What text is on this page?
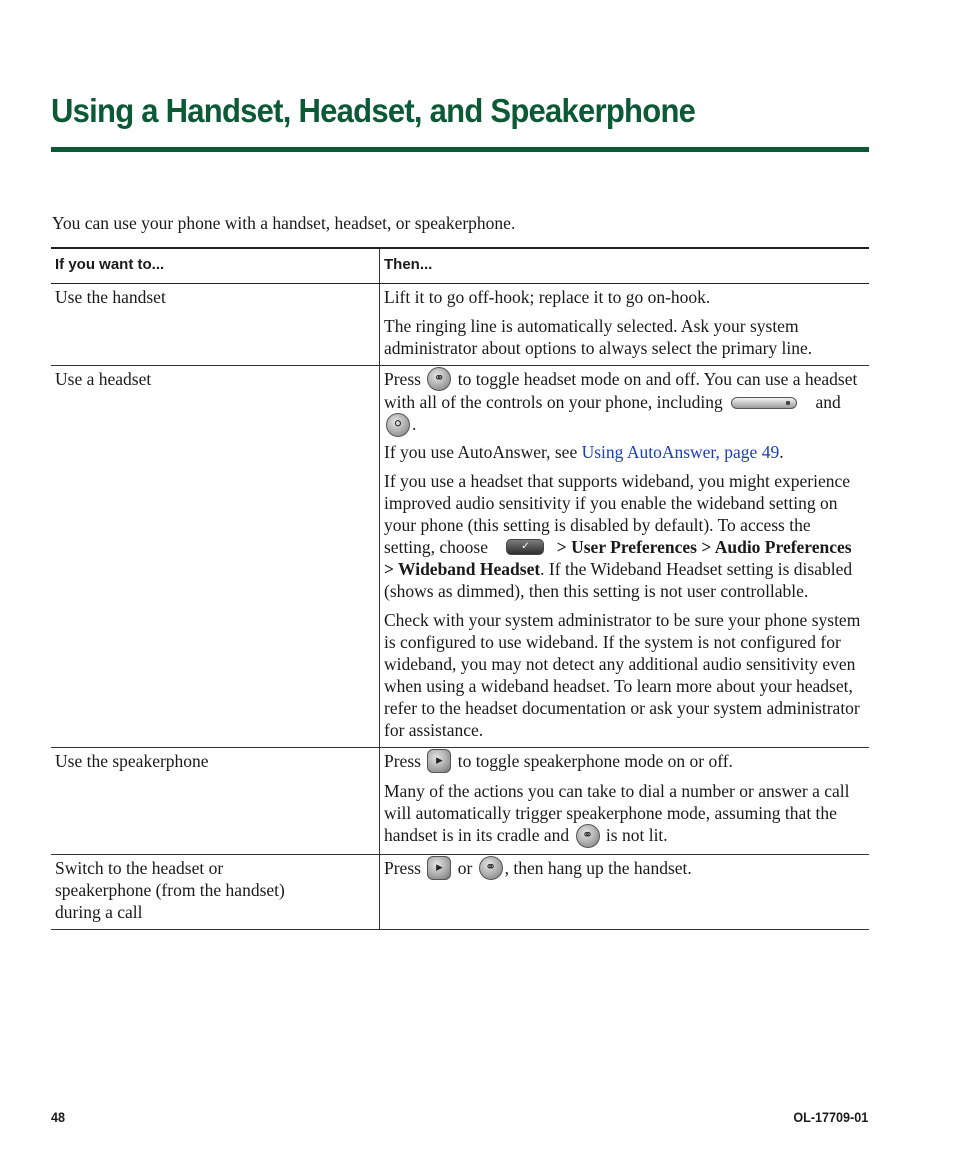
Using a Handset, Headset, and Speakerphone

You can use your phone with a handset, headset, or speakerphone.

If you want to...	Then...
Use the handset	Lift it to go off-hook; replace it to go on-hook.

The ringing line is automatically selected. Ask your system administrator about options to always select the primary line.

Use a headset	Press ⚭ to toggle headset mode on and off. You can use a headset with all of the controls on your phone, including and
⚪ .

If you use AutoAnswer, see Using AutoAnswer, page 49.

If you use a headset that supports wideband, you might experience improved audio sensitivity if you enable the wideband setting on your phone (this setting is disabled by default). To access the setting, choose ✓ > User Preferences > Audio Preferences > Wideband Headset. If the Wideband Headset setting is disabled (shows as dimmed), then this setting is not user controllable.

Check with your system administrator to be sure your phone system is configured to use wideband. If the system is not configured for wideband, you may not detect any additional audio sensitivity even when using a wideband headset. To learn more about your headset, refer to the headset documentation or ask your system administrator for assistance.

Use the speakerphone	Press ▸ to toggle speakerphone mode on or off.

Many of the actions you can take to dial a number or answer a call will automatically trigger speakerphone mode, assuming that the handset is in its cradle and ⚭ is not lit.

Switch to the headset or speakerphone (from the handset) during a call	Press ▸ or ⚭ , then hang up the handset.

48	OL-17709-01
